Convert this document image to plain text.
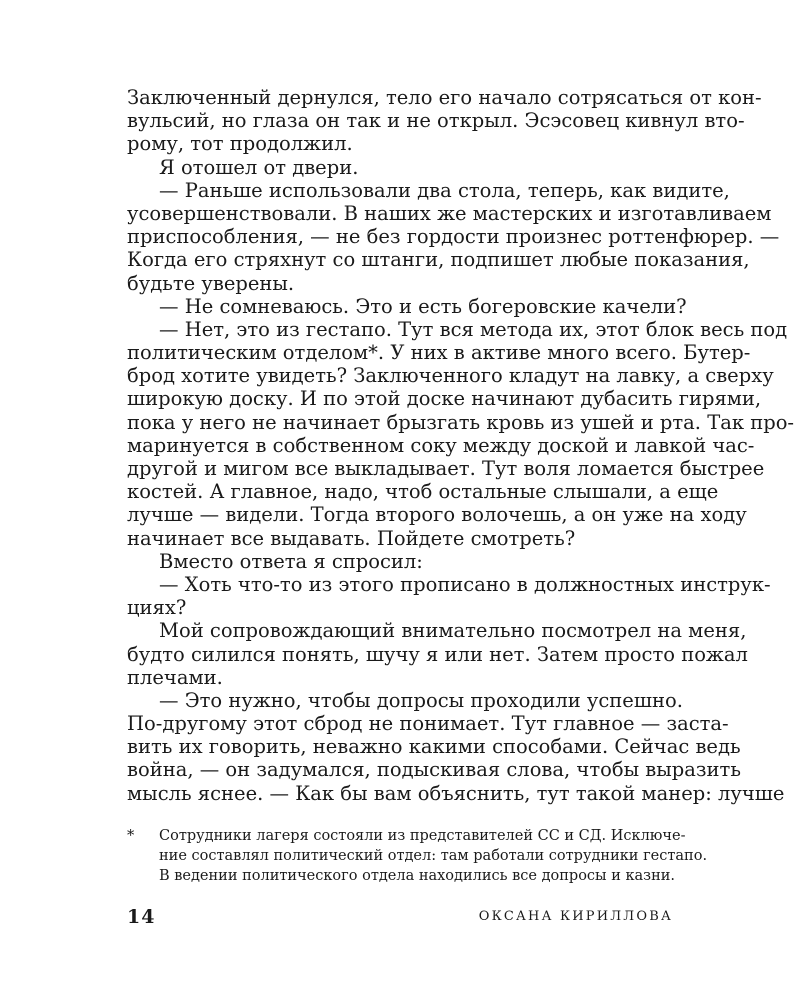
Заключенный дернулся, тело его начало сотрясаться от кон-
вульсий, но глаза он так и не открыл. Эсэсовец кивнул вто-
рому, тот продолжил.
Я отошел от двери.
— Раньше использовали два стола, теперь, как видите,
усовершенствовали. В наших же мастерских и изготавливаем
приспособления, — не без гордости произнес роттенфюрер. —
Когда его стряхнут со штанги, подпишет любые показания,
будьте уверены.
— Не сомневаюсь. Это и есть богеровские качели?
— Нет, это из гестапо. Тут вся метода их, этот блок весь под
политическим отделом*. У них в активе много всего. Бутер-
брод хотите увидеть? Заключенного кладут на лавку, а сверху
широкую доску. И по этой доске начинают дубасить гирями,
пока у него не начинает брызгать кровь из ушей и рта. Так про-
маринуется в собственном соку между доской и лавкой час-
другой и мигом все выкладывает. Тут воля ломается быстрее
костей. А главное, надо, чтоб остальные слышали, а еще
лучше — видели. Тогда второго волочешь, а он уже на ходу
начинает все выдавать. Пойдете смотреть?
Вместо ответа я спросил:
— Хоть что-то из этого прописано в должностных инструк-
циях?
Мой сопровождающий внимательно посмотрел на меня,
будто силился понять, шучу я или нет. Затем просто пожал
плечами.
— Это нужно, чтобы допросы проходили успешно.
По-другому этот сброд не понимает. Тут главное — заста-
вить их говорить, неважно какими способами. Сейчас ведь
война, — он задумался, подыскивая слова, чтобы выразить
мысль яснее. — Как бы вам объяснить, тут такой манер: лучше
*	Сотрудники лагеря состояли из представителей СС и СД. Исключе-
ние составлял политический отдел: там работали сотрудники гестапо.
В ведении политического отдела находились все допросы и казни.
14	ОКСАНА КИРИЛЛОВА
